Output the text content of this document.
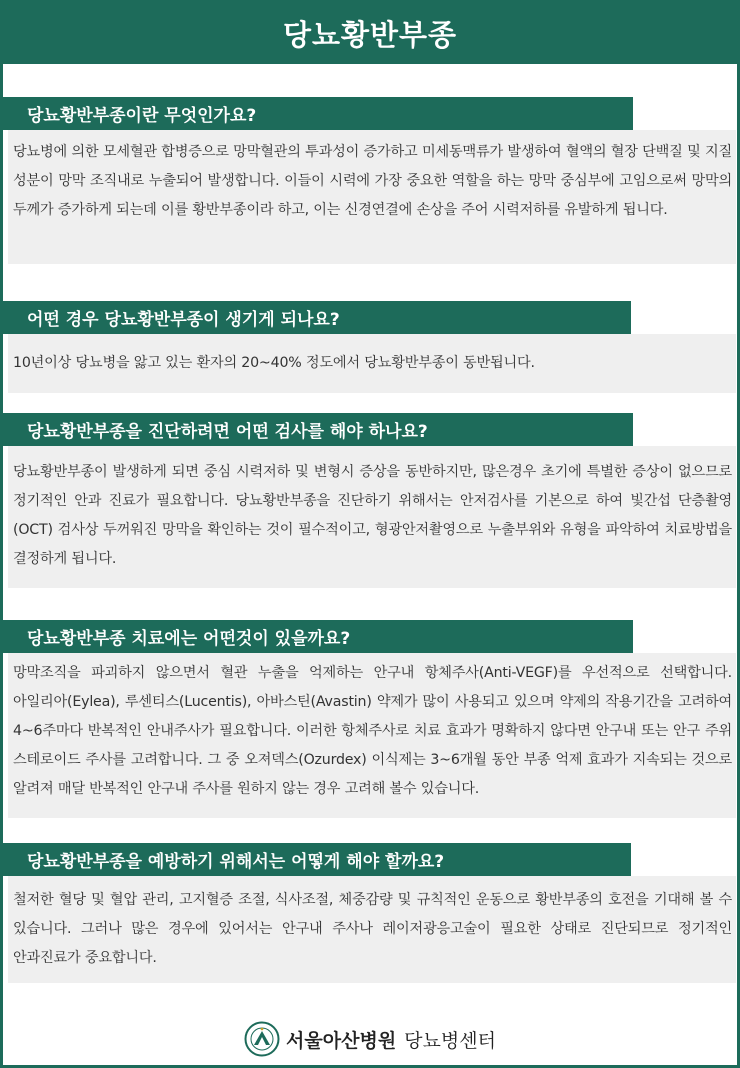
당뇨황반부종
당뇨황반부종이란 무엇인가요?
당뇨병에 의한 모세혈관 합병증으로 망막혈관의 투과성이 증가하고 미세동맥류가 발생하여 혈액의 혈장 단백질 및 지질 성분이 망막 조직내로 누출되어 발생합니다. 이들이 시력에 가장 중요한 역할을 하는 망막 중심부에 고임으로써 망막의 두께가 증가하게 되는데 이를 황반부종이라 하고, 이는 신경연결에 손상을 주어 시력저하를 유발하게 됩니다.
어떤 경우 당뇨황반부종이 생기게 되나요?
10년이상 당뇨병을 앓고 있는 환자의 20~40% 정도에서 당뇨황반부종이 동반됩니다.
당뇨황반부종을 진단하려면 어떤 검사를 해야 하나요?
당뇨황반부종이 발생하게 되면 중심 시력저하 및 변형시 증상을 동반하지만, 많은경우 초기에 특별한 증상이 없으므로 정기적인 안과 진료가 필요합니다. 당뇨황반부종을 진단하기 위해서는 안저검사를 기본으로 하여 빛간섭 단층촬영(OCT) 검사상 두꺼워진 망막을 확인하는 것이 필수적이고, 형광안저촬영으로 누출부위와 유형을 파악하여 치료방법을 결정하게 됩니다.
당뇨황반부종 치료에는 어떤것이 있을까요?
망막조직을 파괴하지 않으면서 혈관 누출을 억제하는 안구내 항체주사(Anti-VEGF)를 우선적으로 선택합니다. 아일리아(Eylea), 루센티스(Lucentis), 아바스틴(Avastin) 약제가 많이 사용되고 있으며 약제의 작용기간을 고려하여 4~6주마다 반복적인 안내주사가 필요합니다. 이러한 항체주사로 치료 효과가 명확하지 않다면 안구내 또는 안구 주위 스테로이드 주사를 고려합니다. 그 중 오져덱스(Ozurdex) 이식제는 3~6개월 동안 부종 억제 효과가 지속되는 것으로 알려져 매달 반복적인 안구내 주사를 원하지 않는 경우 고려해 볼수 있습니다.
당뇨황반부종을 예방하기 위해서는 어떻게 해야 할까요?
철저한 혈당 및 혈압 관리, 고지혈증 조절, 식사조절, 체중감량 및 규칙적인 운동으로 황반부종의 호전을 기대해 볼 수 있습니다. 그러나 많은 경우에 있어서는 안구내 주사나 레이저광응고술이 필요한 상태로 진단되므로 정기적인 안과진료가 중요합니다.
서울아산병원 당뇨병센터
